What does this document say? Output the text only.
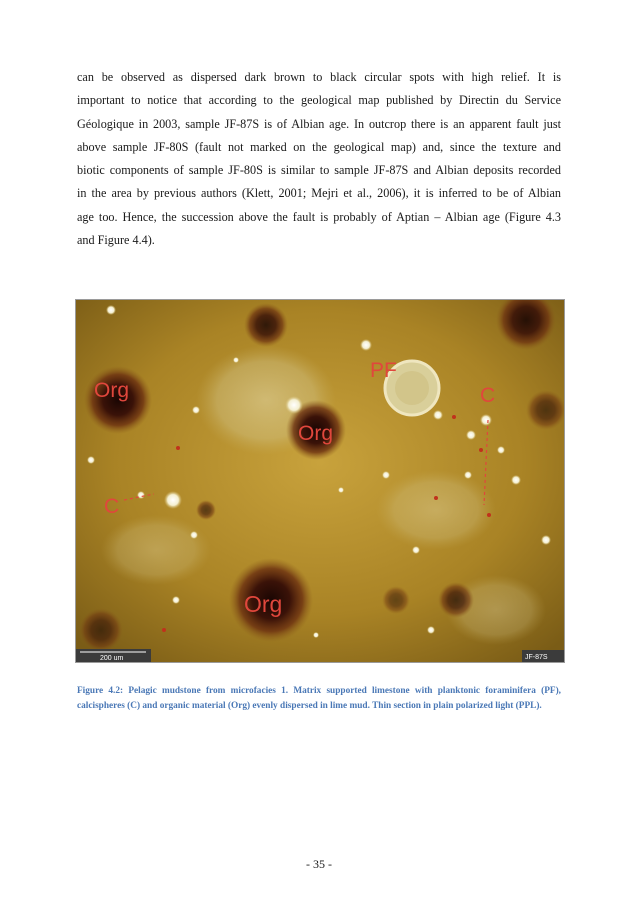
can be observed as dispersed dark brown to black circular spots with high relief. It is
important to notice that according to the geological map published by Directin du Service
Géologique in 2003, sample JF-87S is of Albian age. In outcrop there is an apparent fault just
above sample JF-80S (fault not marked on the geological map) and, since the texture and
biotic components of sample JF-80S is similar to sample JF-87S and Albian deposits recorded
in the area by previous authors (Klett, 2001; Mejri et al., 2006), it is inferred to be of Albian
age too. Hence, the succession above the fault is probably of Aptian – Albian age (Figure 4.3
and Figure 4.4).
Org
Org
Org
PF
C
C
200 um	JF-87S
Figure 4.2: Pelagic mudstone from microfacies 1. Matrix supported limestone with planktonic foraminifera (PF),
calcispheres (C) and organic material (Org) evenly dispersed in lime mud. Thin section in plain polarized light (PPL).
- 35 -
